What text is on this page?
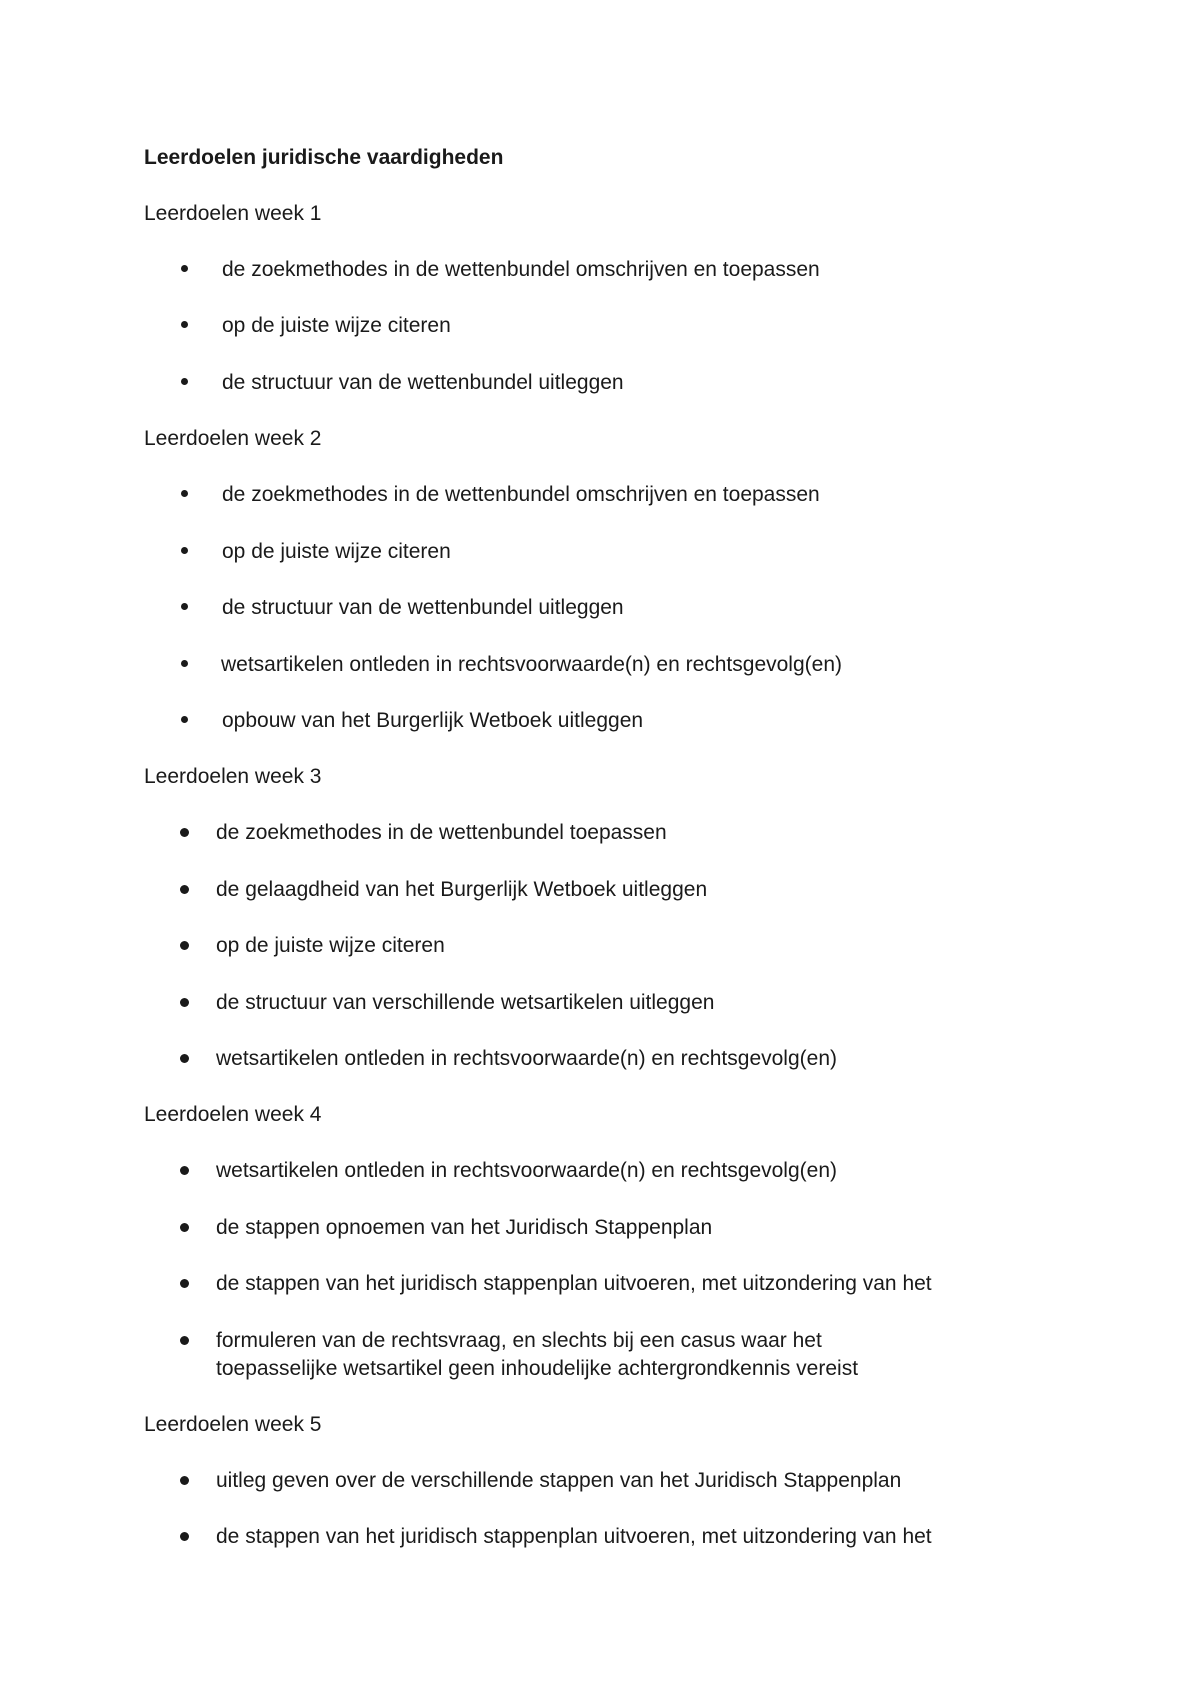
Leerdoelen juridische vaardigheden
Leerdoelen week 1
de zoekmethodes in de wettenbundel omschrijven en toepassen
op de juiste wijze citeren
de structuur van de wettenbundel uitleggen
Leerdoelen week 2
de zoekmethodes in de wettenbundel omschrijven en toepassen
op de juiste wijze citeren
de structuur van de wettenbundel uitleggen
wetsartikelen ontleden in rechtsvoorwaarde(n) en rechtsgevolg(en)
opbouw van het Burgerlijk Wetboek uitleggen
Leerdoelen week 3
de zoekmethodes in de wettenbundel toepassen
de gelaagdheid van het Burgerlijk Wetboek uitleggen
op de juiste wijze citeren
de structuur van verschillende wetsartikelen uitleggen
wetsartikelen ontleden in rechtsvoorwaarde(n) en rechtsgevolg(en)
Leerdoelen week 4
wetsartikelen ontleden in rechtsvoorwaarde(n) en rechtsgevolg(en)
de stappen opnoemen van het Juridisch Stappenplan
de stappen van het juridisch stappenplan uitvoeren, met uitzondering van het
formuleren van de rechtsvraag, en slechts bij een casus waar het
toepasselijke wetsartikel geen inhoudelijke achtergrondkennis vereist
Leerdoelen week 5
uitleg geven over de verschillende stappen van het Juridisch Stappenplan
de stappen van het juridisch stappenplan uitvoeren, met uitzondering van het
